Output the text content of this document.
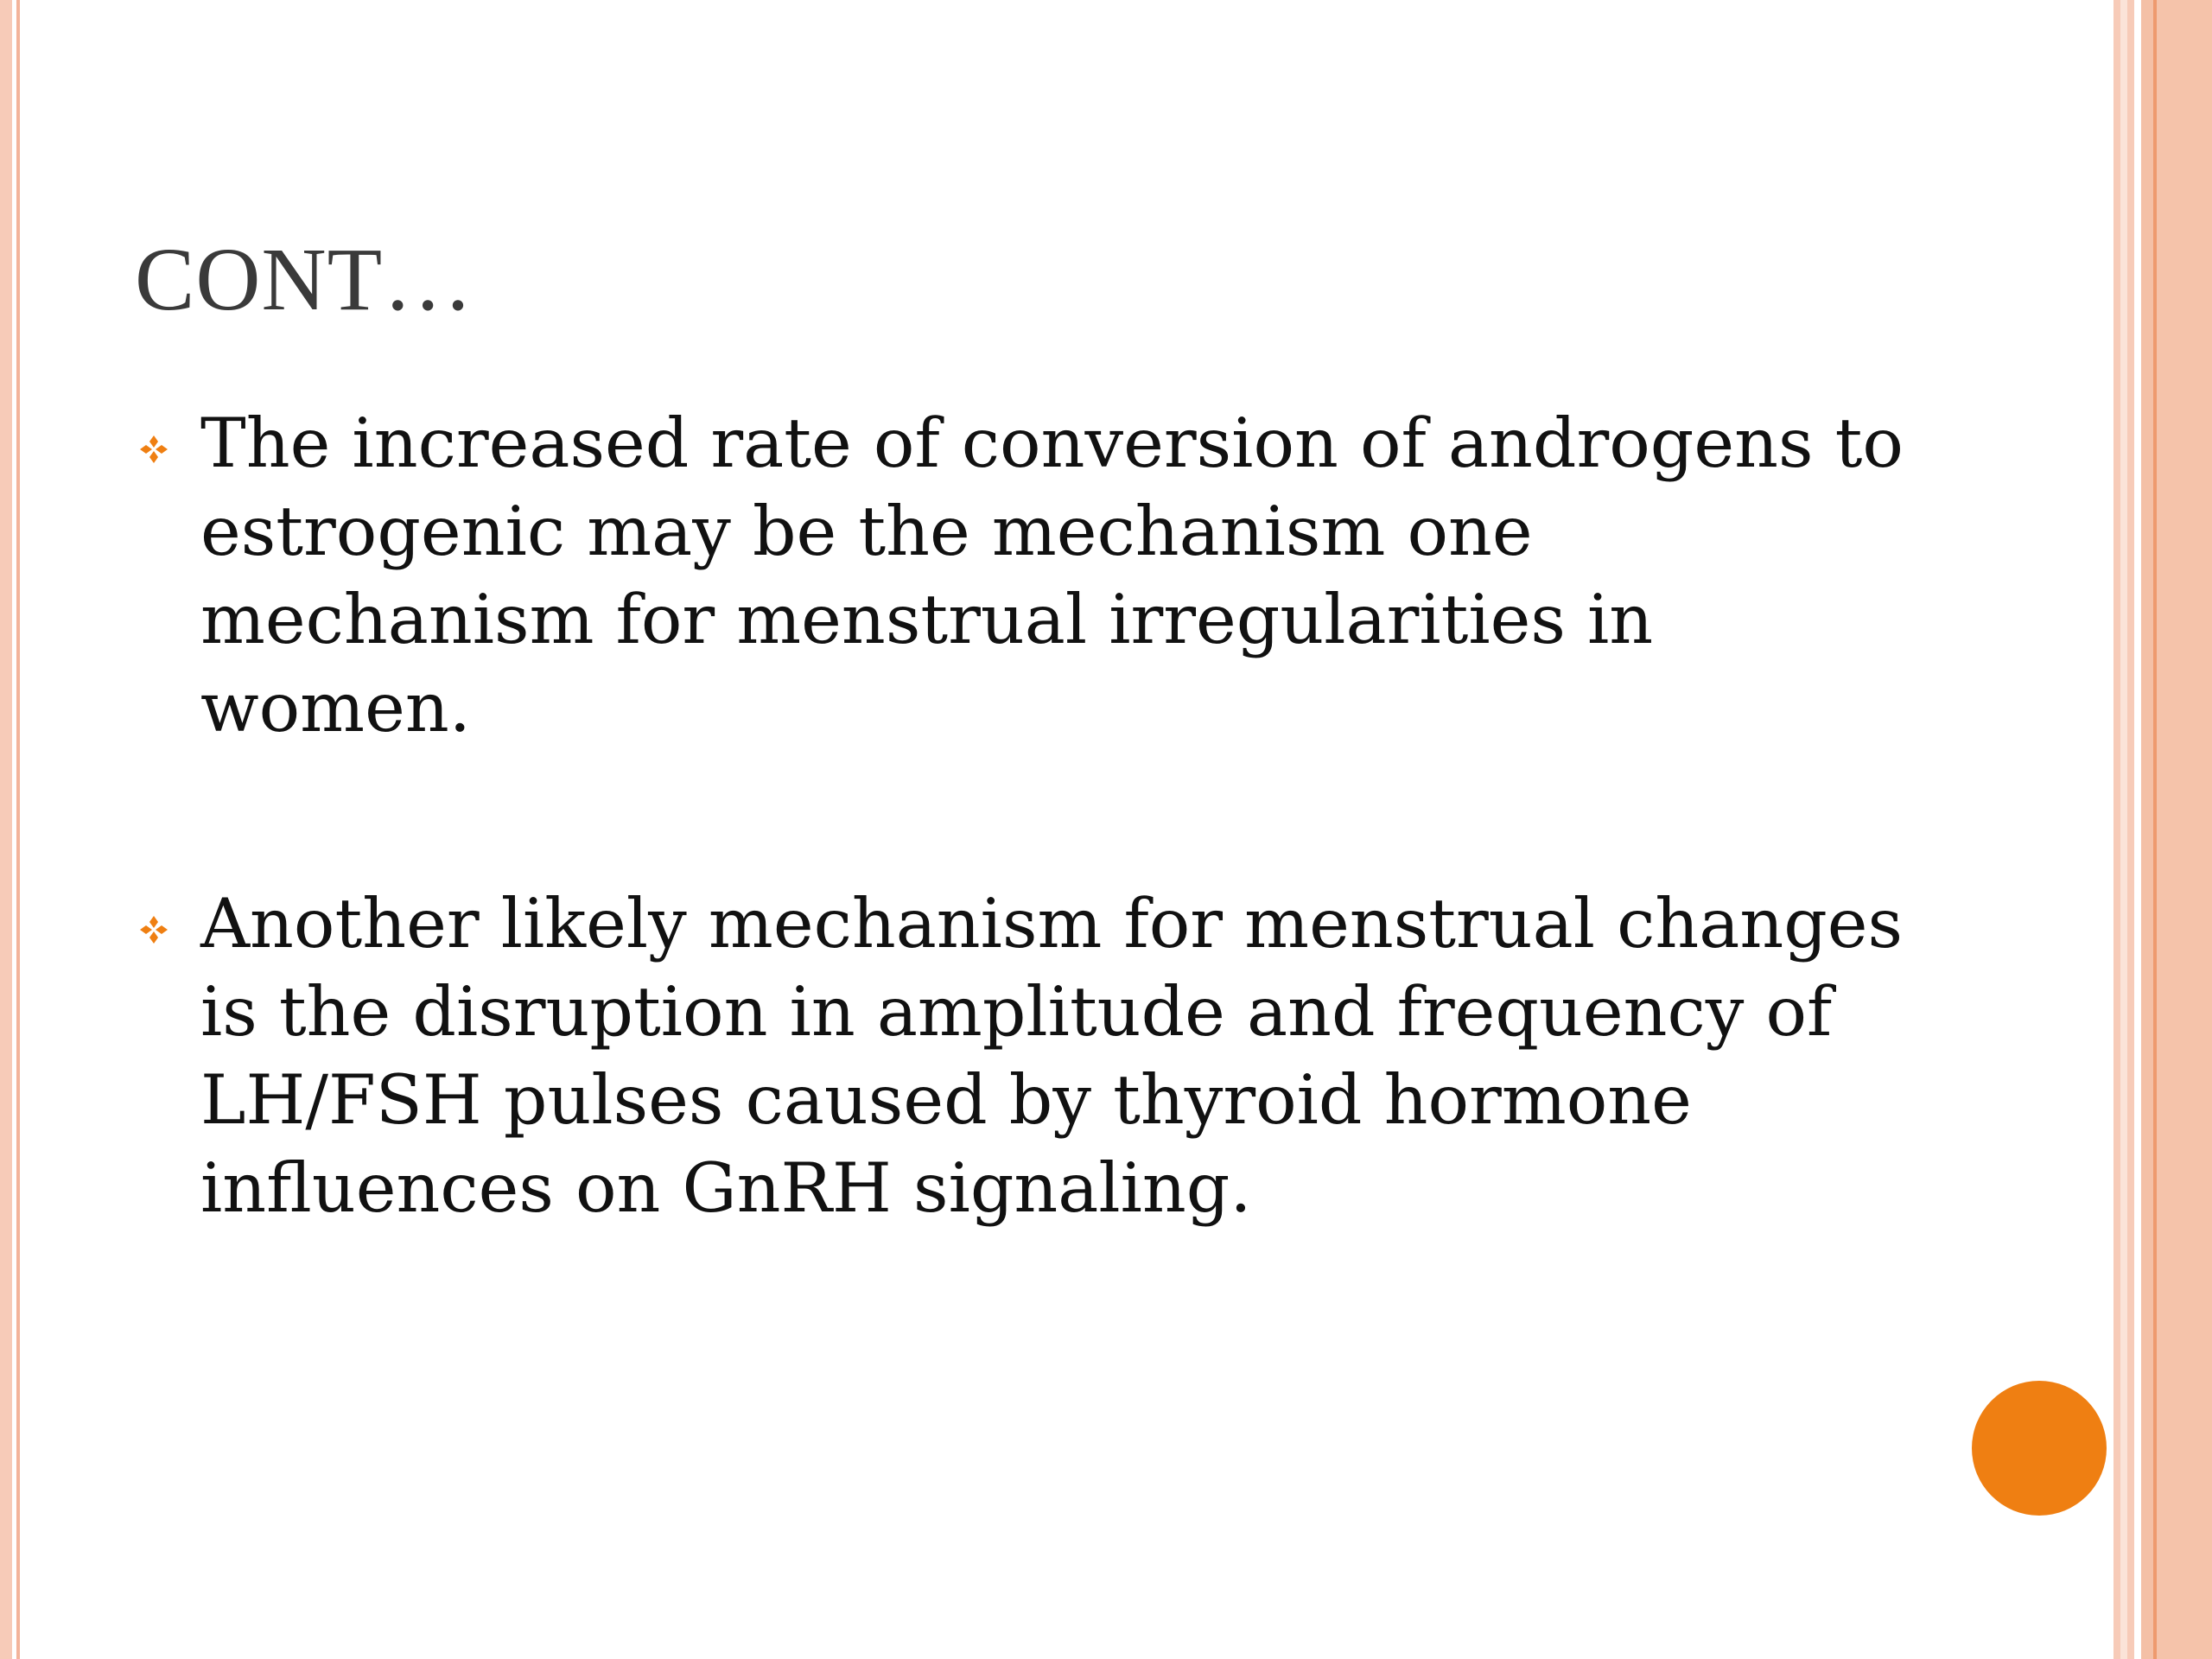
CONT…
The increased rate of conversion of androgens to estrogenic may be the mechanism one mechanism for menstrual irregularities in women.
Another likely mechanism for menstrual changes is the disruption in amplitude and frequency of LH/FSH pulses caused by thyroid hormone influences on GnRH signaling.
